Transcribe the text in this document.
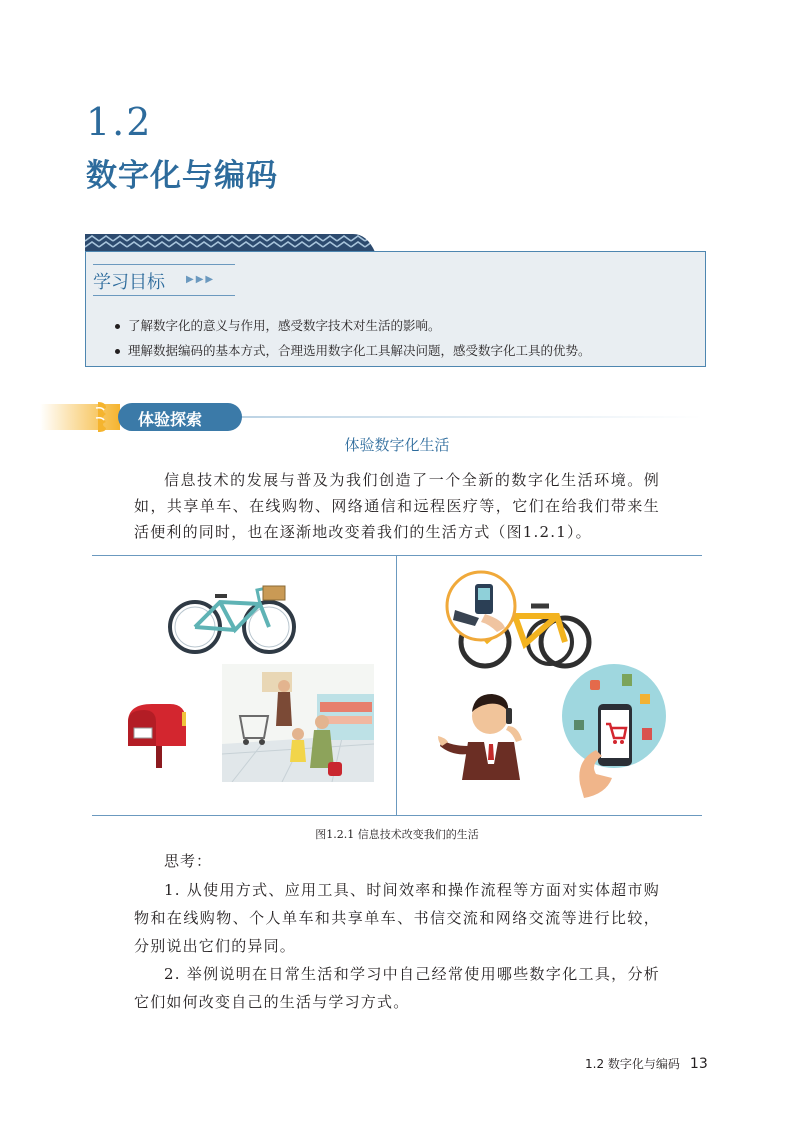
1.2
数字化与编码
学习目标 ▶▶▶
了解数字化的意义与作用，感受数字技术对生活的影响。
理解数据编码的基本方式，合理选用数字化工具解决问题，感受数字化工具的优势。
体验探索
体验数字化生活
信息技术的发展与普及为我们创造了一个全新的数字化生活环境。例如，共享单车、在线购物、网络通信和远程医疗等，它们在给我们带来生活便利的同时，也在逐渐地改变着我们的生活方式（图1.2.1）。
图1.2.1 信息技术改变我们的生活
思考：
1. 从使用方式、应用工具、时间效率和操作流程等方面对实体超市购物和在线购物、个人单车和共享单车、书信交流和网络交流等进行比较，分别说出它们的异同。
2. 举例说明在日常生活和学习中自己经常使用哪些数字化工具，分析它们如何改变自己的生活与学习方式。
1.2 数字化与编码 13
